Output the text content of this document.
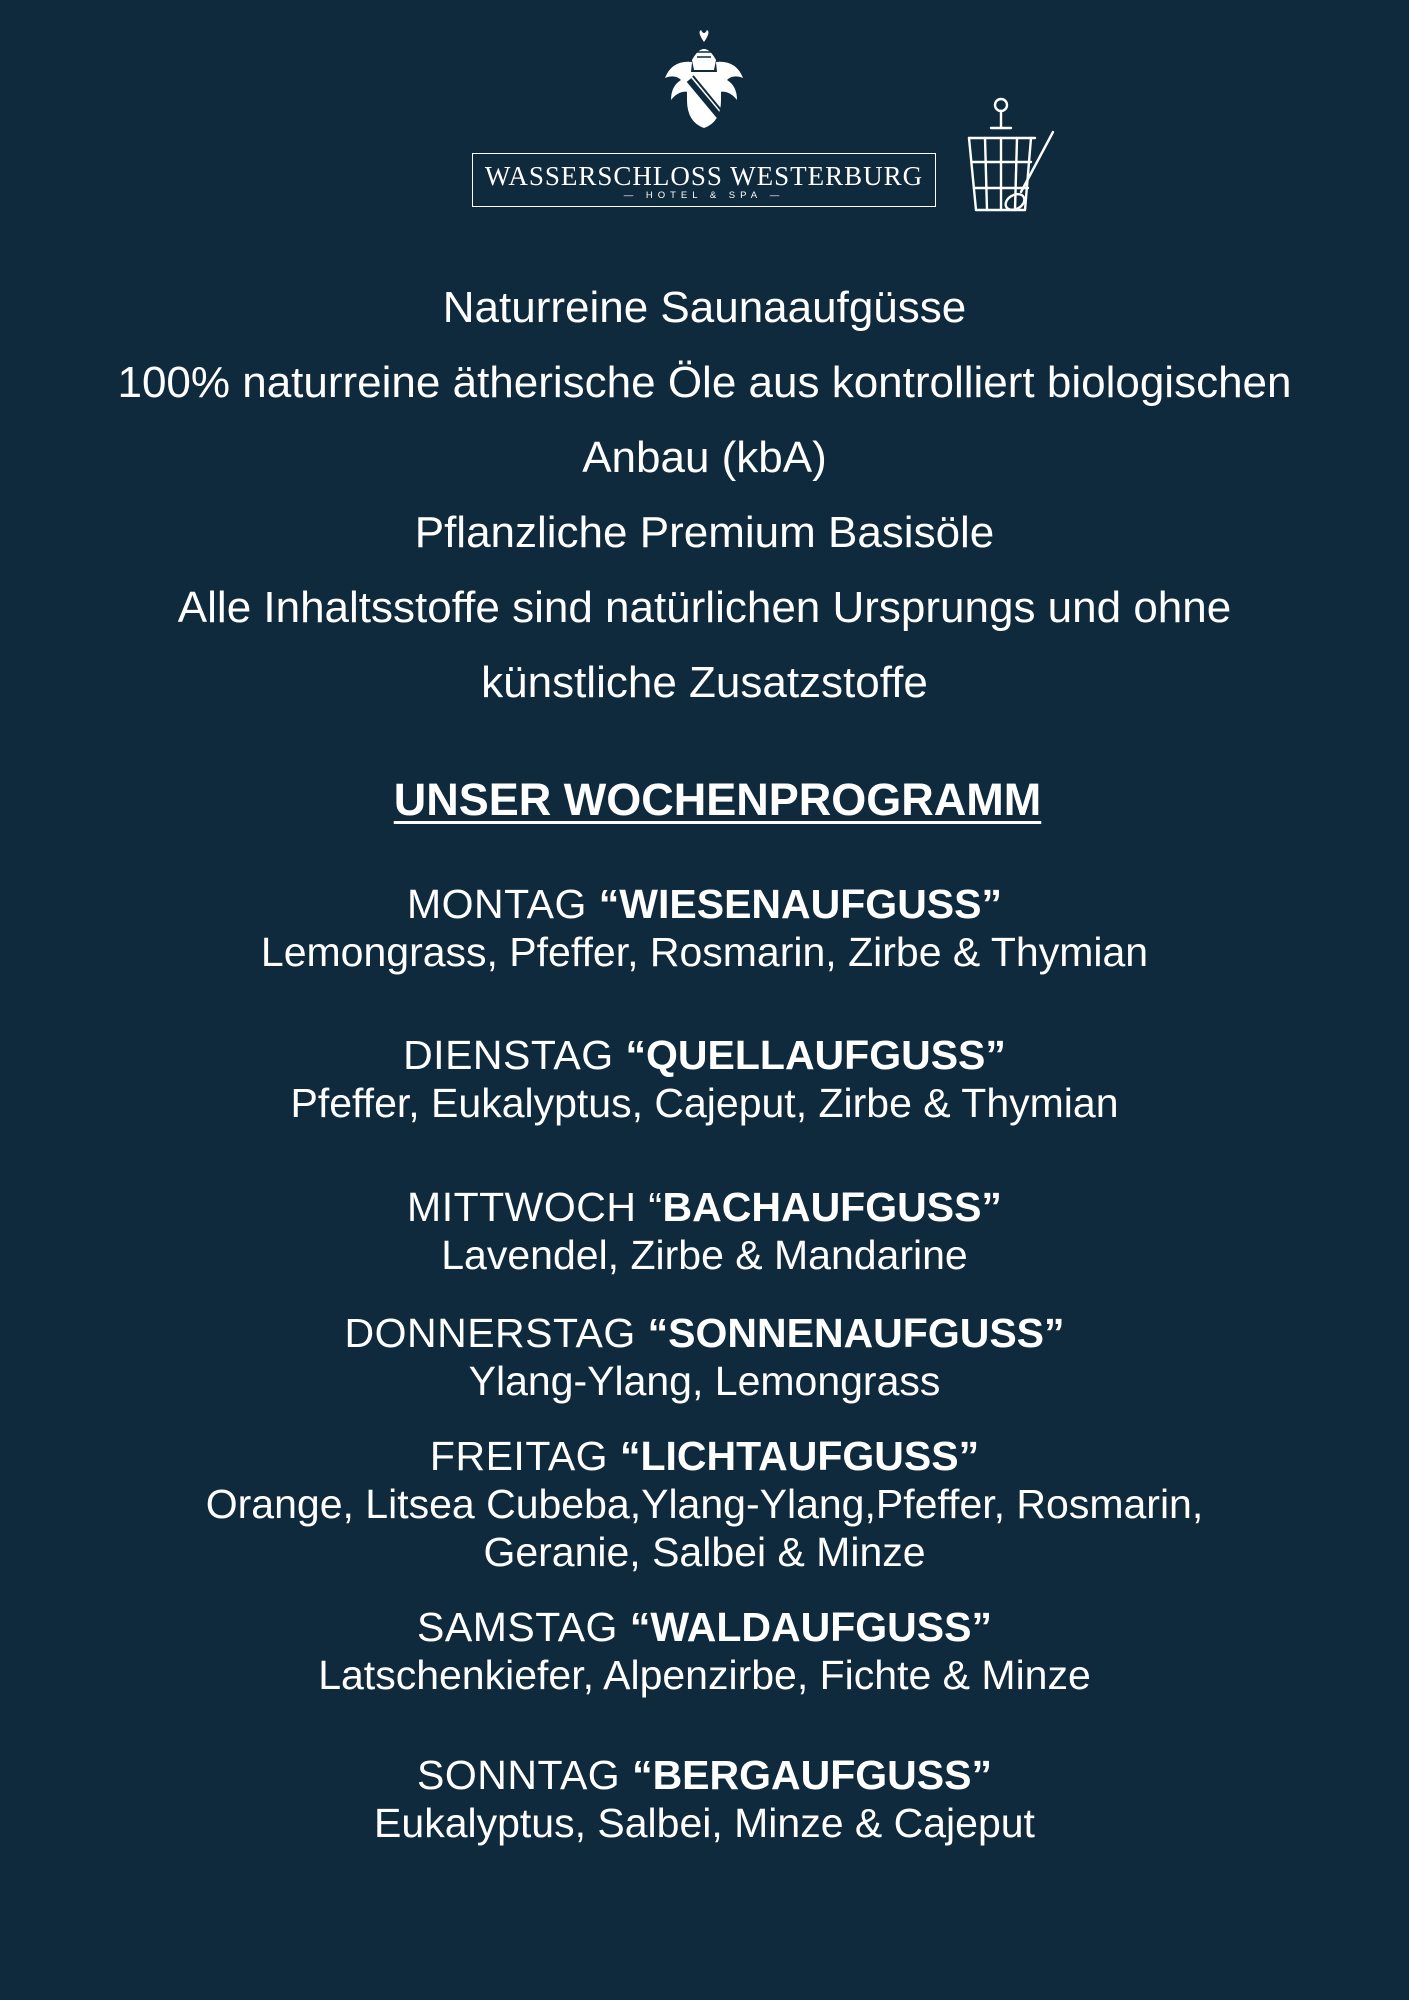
WASSERSCHLOSS WESTERBURG
— HOTEL & SPA —

Naturreine Saunaaufgüsse

100% naturreine ätherische Öle aus kontrolliert biologischen

Anbau (kbA)

Pflanzliche Premium Basisöle

Alle Inhaltsstoffe sind natürlichen Ursprungs und ohne

künstliche Zusatzstoffe

UNSER WOCHENPROGRAMM
MONTAG “WIESENAUFGUSS”
Lemongrass, Pfeffer, Rosmarin, Zirbe & Thymian
DIENSTAG “QUELLAUFGUSS”
Pfeffer, Eukalyptus, Cajeput, Zirbe & Thymian
MITTWOCH “BACHAUFGUSS”
Lavendel, Zirbe & Mandarine
DONNERSTAG “SONNENAUFGUSS”
Ylang-Ylang, Lemongrass
FREITAG “LICHTAUFGUSS”
Orange, Litsea Cubeba,Ylang-Ylang,Pfeffer, Rosmarin,
Geranie, Salbei & Minze
SAMSTAG “WALDAUFGUSS”
Latschenkiefer, Alpenzirbe, Fichte & Minze
SONNTAG “BERGAUFGUSS”
Eukalyptus, Salbei, Minze & Cajeput
